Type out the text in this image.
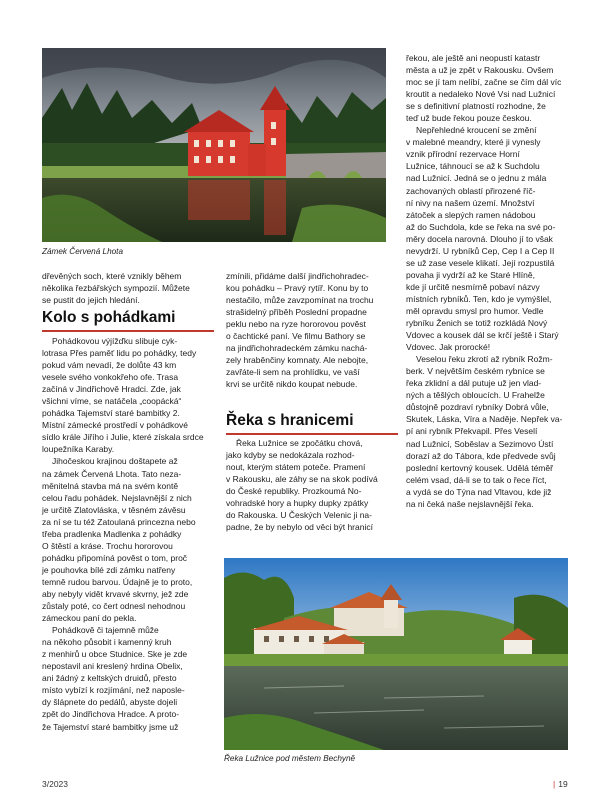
Zámek Červená Lhota

dřevěných soch, které vznikly během

několika řezbářských sympozií. Můžete

se pustit do jejich hledání.

Kolo s pohádkami

Pohádkovou výjížďku slibuje cyk-

lotrasa Přes paměť lidu po pohádky, tedy

pokud vám nevadí, že dolůte 43 km

vesele svého vonkokřeho ofe. Trasa

začíná v Jindřichově Hradci. Zde, jak

všichni víme, se natáčela „coopácká“

pohádka Tajemství staré bambitky 2.

Místní zámecké prostředí v pohádkové

sídlo krále Jiřího i Julie, které získala srdce

loupežníka Karaby.

Jihočeskou krajinou doštapete až

na zámek Červená Lhota. Tato neza-

měnitelná stavba má na svém kontě

celou řadu pohádek. Nejslavnější z nich

je určitě Zlatovláska, v těsném závěsu

za ní se tu též Zatoulaná princezna nebo

třeba pradlenka Madlenka z pohádky

O štěstí a kráse. Trochu hororovou

pohádku připomíná pověst o tom, proč

je pouhovka bílé zdi zámku natřeny

temně rudou barvou. Údajně je to proto,

aby nebyly vidět krvavé skvrny, jež zde

zůstaly poté, co čert odnesl nehodnou

zámeckou paní do pekla.

Pohádkově či tajemně může

na někoho působit i kamenný kruh

z menhirů u obce Studnice. Ske je zde

nepostavil ani kreslený hrdina Obelix,

ani žádný z keltských druidů, přesto

místo vybízí k rozjímání, než naposle-

dy šlápnete do pedálů, abyste dojeli

zpět do Jindřichova Hradce. A proto-

že Tajemství staré bambitky jsme už

zmínili, přidáme další jindřichohradec-

kou pohádku – Pravý rytíř. Konu by to

nestačilo, může zavzpomínat na trochu

strašidelný příběh Poslední propadne

peklu nebo na ryze hororovou pověst

o čachtické paní. Ve filmu Bathory se

na jindřichohradeckém zámku nachá-

zely hraběnčiny komnaty. Ale nebojte,

zavřáte-li sem na prohlídku, ve vaší

krvi se určitě nikdo koupat nebude.

Řeka s hranicemi

Řeka Lužnice se zpočátku chová,

jako kdyby se nedokázala rozhod-

nout, kterým státem poteče. Pramení

v Rakousku, ale záhy se na skok podívá

do České republiky. Prozkoumá No-

vohradské hory a hupky dupky zpátky

do Rakouska. U Českých Velenic ji na-

padne, že by nebylo od věci být hranicí

řekou, ale ještě ani neopustí katastr

města a už je zpět v Rakousku. Ovšem

moc se jí tam nelíbí, začne se čím dál víc

kroutit a nedaleko Nové Vsi nad Lužnicí

se s definitivní platností rozhodne, že

teď už bude řekou pouze českou.

Nepřehledné kroucení se změní

v malebné meandry, které ji vynesly

vznik přírodní rezervace Horní

Lužnice, táhnoucí se až k Suchdolu

nad Lužnicí. Jedná se o jednu z mála

zachovaných oblastí přirozené říč-

ní nivy na našem území. Množství

zátoček a slepých ramen nádobou

až do Suchdola, kde se řeka na své po-

měry docela narovná. Dlouho jí to však

nevydrží. U rybníků Cep, Cep I a Cep II

se už zase vesele klikatí. Její rozpustilá

povaha ji vydrží až ke Staré Hlíně,

kde jí určitě nesmírně pobaví názvy

místních rybníků. Ten, kdo je vymýšlel,

měl opravdu smysl pro humor. Vedle

rybníku Ženich se totiž rozkládá Nový

Vdovec a kousek dál se krčí ještě i Starý

Vdovec. Jak prorocké!

Veselou řeku zkrotí až rybník Rožm-

berk. V největším českém rybníce se

řeka zklidní a dál putuje už jen vlad-

ných a těšlých obloucích. U Frahelže

důstojně pozdraví rybníky Dobrá vůle,

Skutek, Láska, Víra a Naděje. Nepřek va-

pí ani rybník Překvapil. Přes Veselí

nad Lužnicí, Soběslav a Sezimovo Ústí

dorazí až do Tábora, kde předvede svůj

poslední kertovný kousek. Udělá téměř

celém vsad, dá-li se to tak o řece říct,

a vydá se do Týna nad Vltavou, kde již

na ni čeká naše nejslavnější řeka.

Řeka Lužnice pod městem Bechyně
3/2023	| 19
